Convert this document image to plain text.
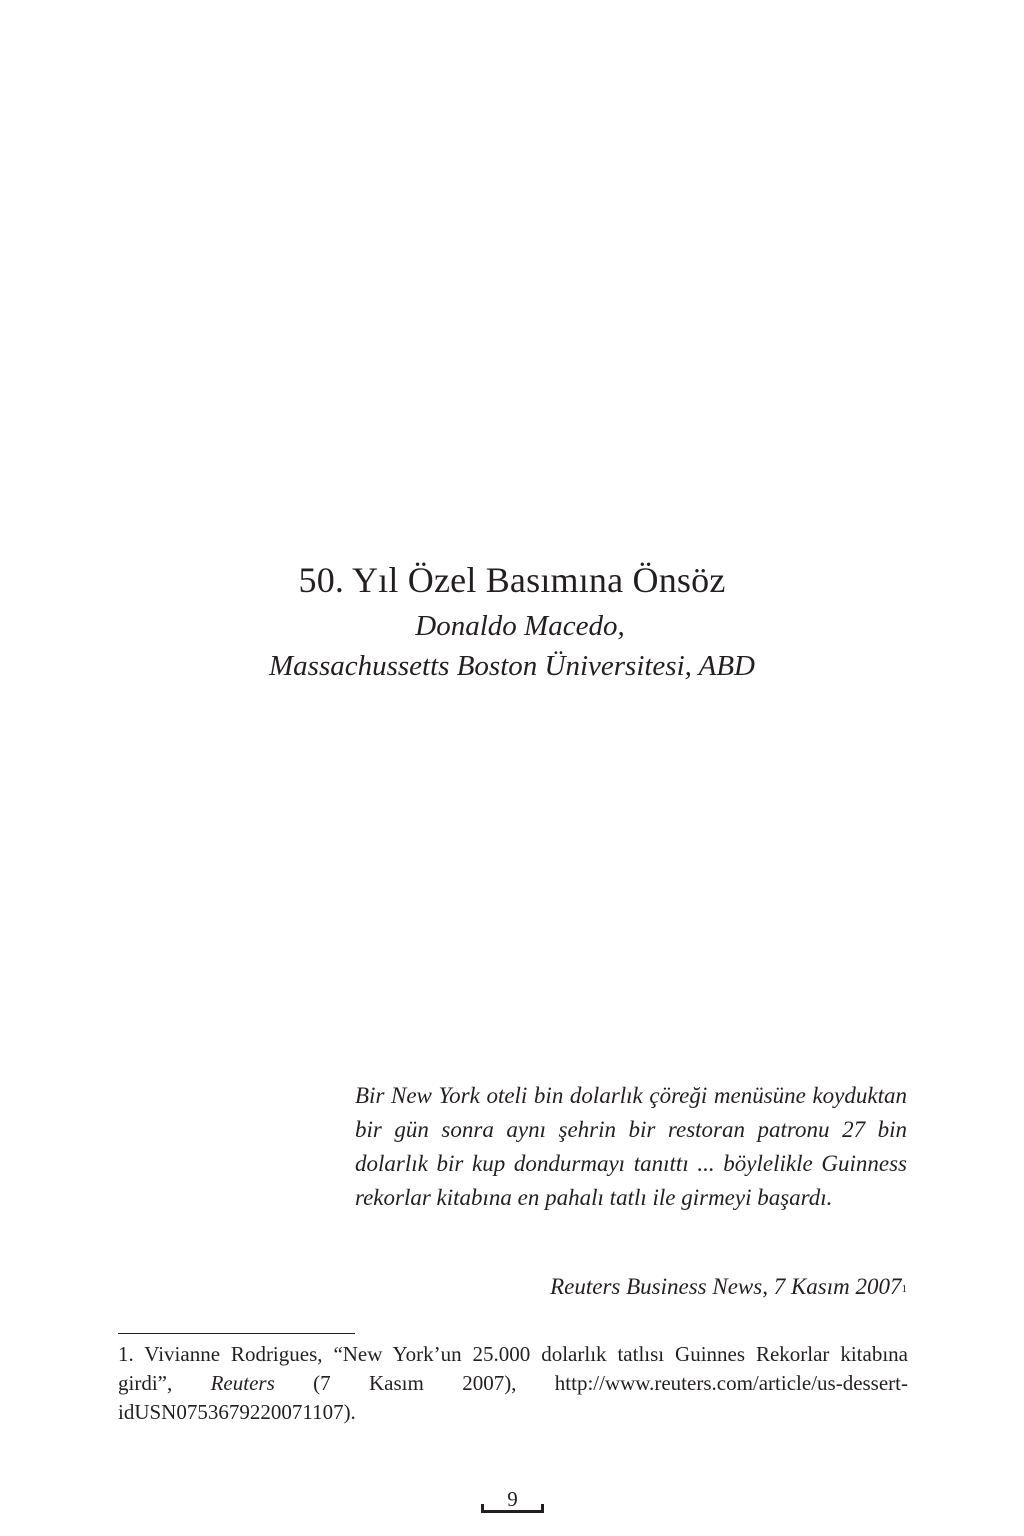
50. Yıl Özel Basımına Önsöz
Donaldo Macedo,
Massachussetts Boston Üniversitesi, ABD

Bir New York oteli bin dolarlık çöreği menüsüne koyduktan bir gün sonra aynı şehrin bir restoran patronu 27 bin dolarlık bir kup dondurmayı tanıttı ... böylelikle Guinness rekorlar kitabına en pahalı tatlı ile girmeyi başardı.

Reuters Business News, 7 Kasım 2007$^1$

1. Vivianne Rodrigues, “New York’un 25.000 dolarlık tatlısı Guinnes Rekorlar kitabına girdi”, Reuters (7 Kasım 2007), http://www.reuters.com/article/us-dessert-idUSN0753679220071107).

9
